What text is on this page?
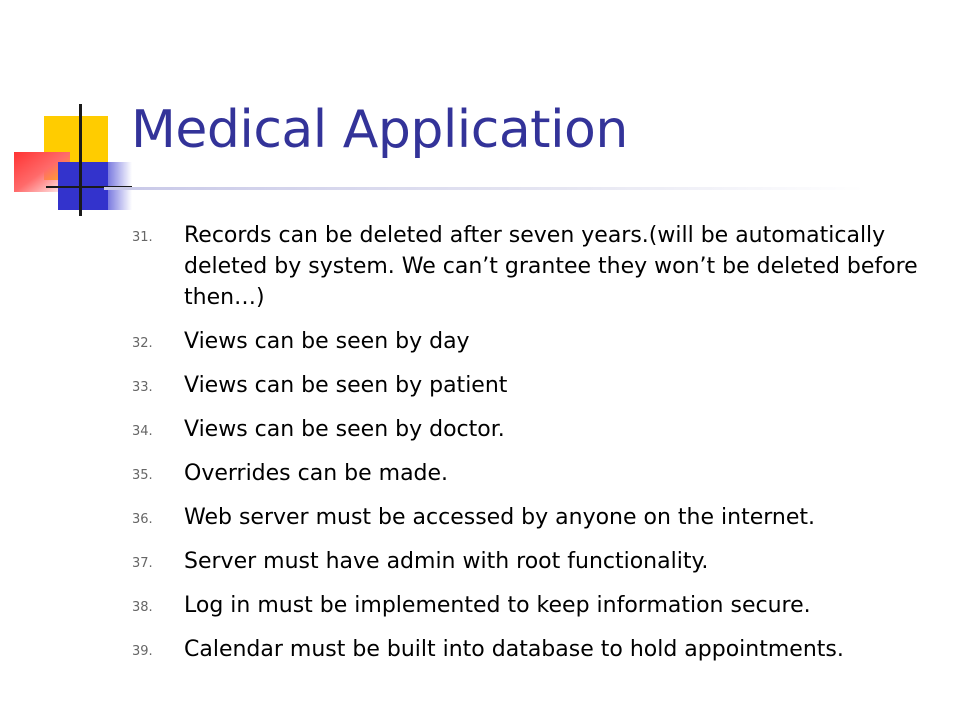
Medical Application
31.	Records can be deleted after seven years.(will be automatically deleted by system. We can’t grantee they won’t be deleted before then…)
32.	Views can be seen by day
33.	Views can be seen by patient
34.	Views can be seen by doctor.
35.	Overrides can be made.
36.	Web server must be accessed by anyone on the internet.
37.	Server must have admin with root functionality.
38.	Log in must be implemented to keep information secure.
39.	Calendar must be built into database to hold appointments.
